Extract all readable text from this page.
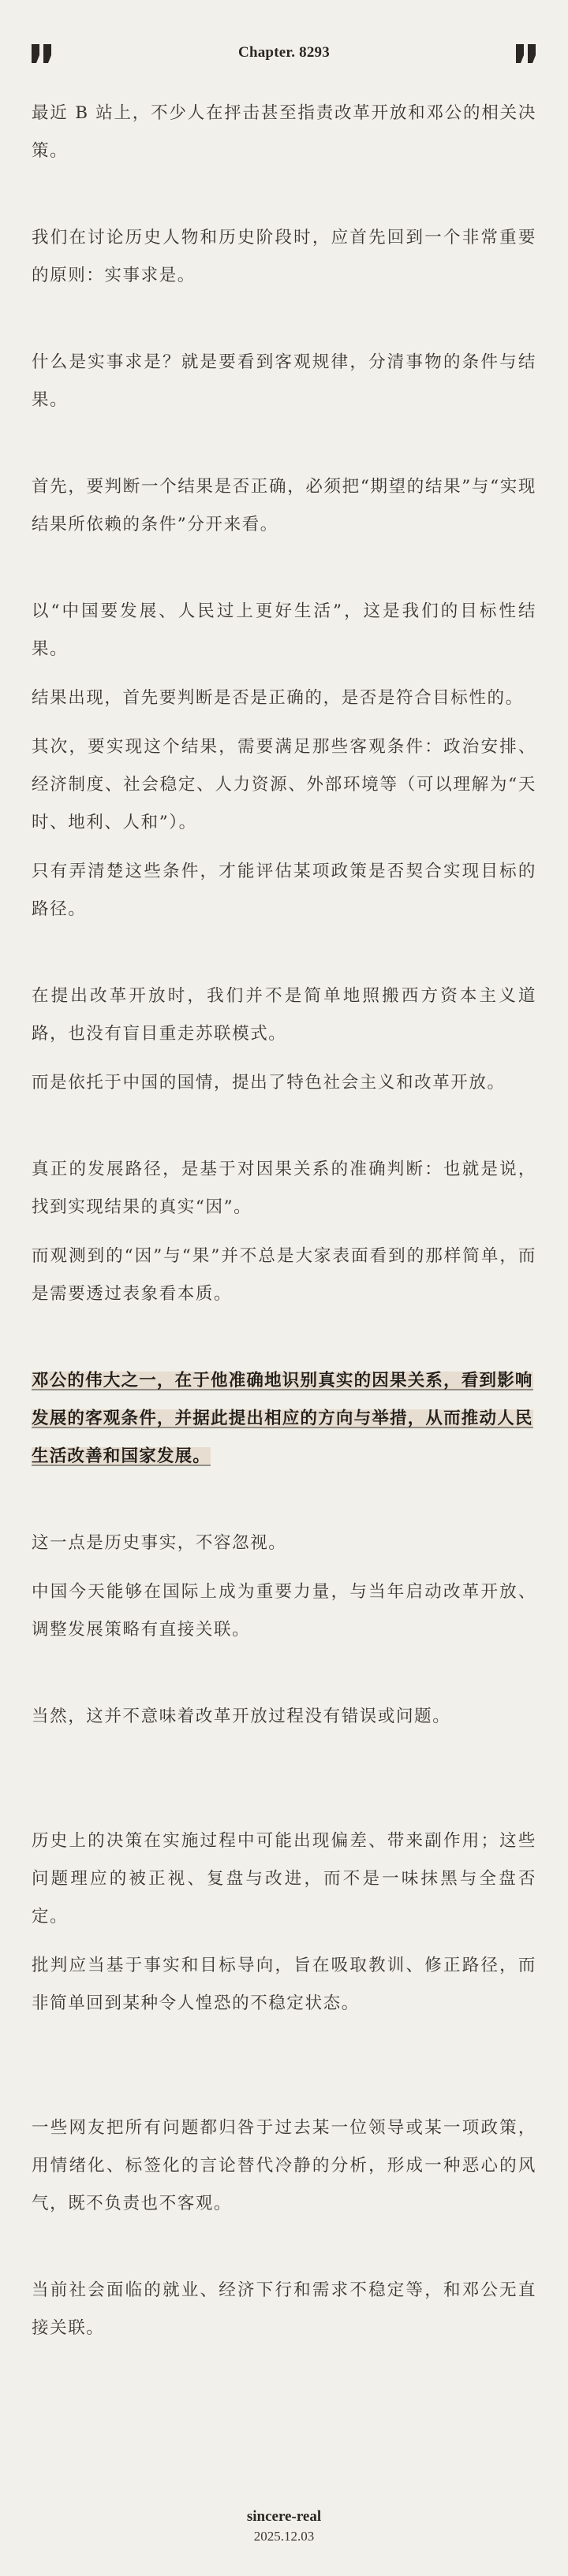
Chapter. 8293

最近 B 站上，不少人在抨击甚至指责改革开放和邓公的相关决策。

我们在讨论历史人物和历史阶段时，应首先回到一个非常重要的原则：实事求是。

什么是实事求是？就是要看到客观规律，分清事物的条件与结果。

首先，要判断一个结果是否正确，必须把“期望的结果”与“实现结果所依赖的条件”分开来看。

以“中国要发展、人民过上更好生活”，这是我们的目标性结果。

结果出现，首先要判断是否是正确的，是否是符合目标性的。

其次，要实现这个结果，需要满足那些客观条件：政治安排、经济制度、社会稳定、人力资源、外部环境等（可以理解为“天时、地利、人和”）。

只有弄清楚这些条件，才能评估某项政策是否契合实现目标的路径。

在提出改革开放时，我们并不是简单地照搬西方资本主义道路，也没有盲目重走苏联模式。

而是依托于中国的国情，提出了特色社会主义和改革开放。

真正的发展路径，是基于对因果关系的准确判断：也就是说，找到实现结果的真实“因”。

而观测到的“因”与“果”并不总是大家表面看到的那样简单，而是需要透过表象看本质。

邓公的伟大之一，在于他准确地识别真实的因果关系，看到影响发展的客观条件，并据此提出相应的方向与举措，从而推动人民生活改善和国家发展。

这一点是历史事实，不容忽视。

中国今天能够在国际上成为重要力量，与当年启动改革开放、调整发展策略有直接关联。

当然，这并不意味着改革开放过程没有错误或问题。

历史上的决策在实施过程中可能出现偏差、带来副作用；这些问题理应的被正视、复盘与改进，而不是一味抹黑与全盘否定。

批判应当基于事实和目标导向，旨在吸取教训、修正路径，而非简单回到某种令人惶恐的不稳定状态。

一些网友把所有问题都归咎于过去某一位领导或某一项政策，用情绪化、标签化的言论替代冷静的分析，形成一种恶心的风气，既不负责也不客观。

当前社会面临的就业、经济下行和需求不稳定等，和邓公无直接关联。

sincere-real
2025.12.03
